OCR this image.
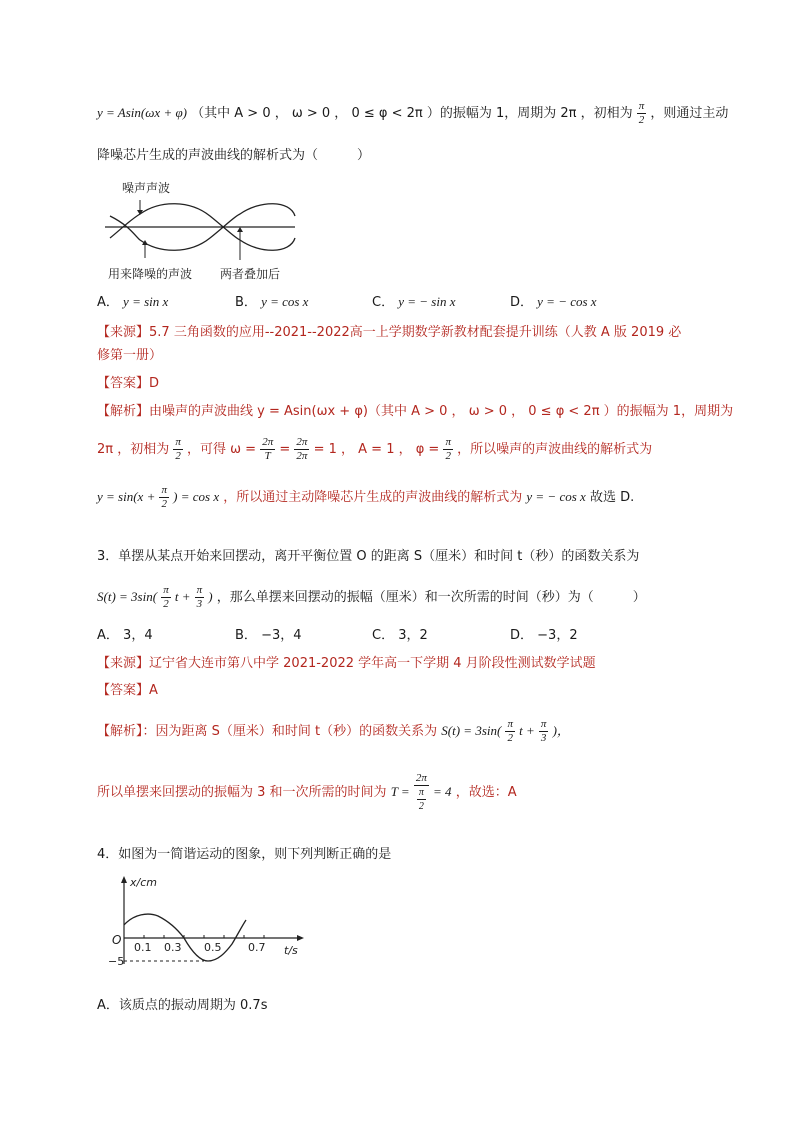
y = Asin(ωx + φ) （其中 A > 0 ， ω > 0 ， 0 ≤ φ < 2π ）的振幅为 1，周期为 2π ，初相为 $\frac{\pi}{2}$ ，则通过主动
降噪芯片生成的声波曲线的解析式为（　　　）
噪声声波
用来降噪的声波 两者叠加后
A． y = sin x	B． y = cos x	C． y = − sin x	D． y = − cos x
【来源】5.7 三角函数的应用--2021--2022高一上学期数学新教材配套提升训练（人教 A 版 2019 必
修第一册）
【答案】D
【解析】由噪声的声波曲线 y = Asin(ωx + φ)（其中 A > 0 ， ω > 0 ， 0 ≤ φ < 2π ）的振幅为 1，周期为
2π ，初相为 $\frac{\pi}{2}$ ，可得 $\omega = \frac{2\pi}{T} = \frac{2\pi}{2\pi} = 1$ ， A = 1 ， $\varphi = \frac{\pi}{2}$ ，所以噪声的声波曲线的解析式为
$y = \sin(x + \frac{\pi}{2}$ ) = cos x ，所以通过主动降噪芯片生成的声波曲线的解析式为 y = − cos x 故选 D.
3．单摆从某点开始来回摆动，离开平衡位置 O 的距离 S（厘米）和时间 t（秒）的函数关系为
$S(t) = 3\sin( \frac{\pi}{2}$ $t + \frac{\pi}{3}$ ) ，那么单摆来回摆动的振幅（厘米）和一次所需的时间（秒）为（　　　）
A． 3，4	B． −3，4	C． 3，2	D． −3，2
【来源】辽宁省大连市第八中学 2021-2022 学年高一下学期 4 月阶段性测试数学试题
【答案】A
【解析】：因为距离 S（厘米）和时间 t（秒）的函数关系为 $S(t) = 3\sin( \frac{\pi}{2}$ $t + \frac{\pi}{3}$ )，
所以单摆来回摆动的振幅为 3 和一次所需的时间为 $T = \frac{2\pi}{\frac{\pi}{2}} = 4$ ，故选：A
4．如图为一简谐运动的图象，则下列判断正确的是
x/cm
t/s
O
0.1 0.3 0.5 0.7
−5
A．该质点的振动周期为 0.7s
